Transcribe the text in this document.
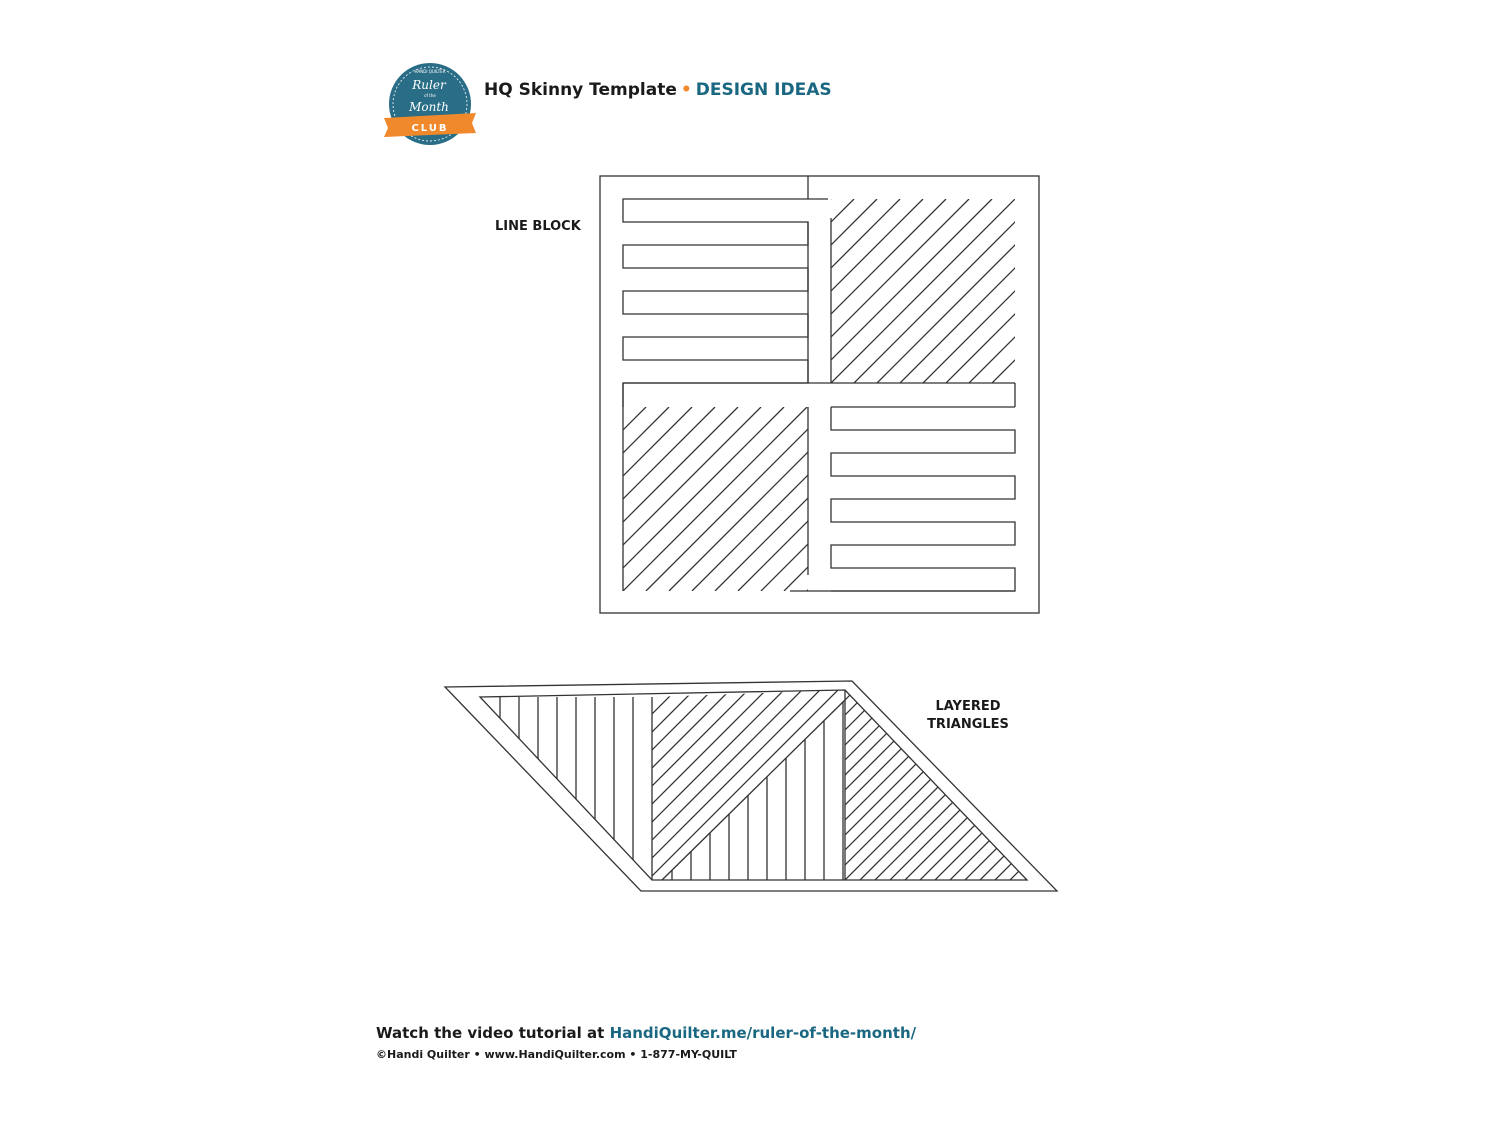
HANDI QUILTER
Ruler
of the
Month
CLUB
HQ Skinny Template • DESIGN IDEAS
LINE BLOCK
LAYERED
TRIANGLES
Watch the video tutorial at HandiQuilter.me/ruler-of-the-month/
©Handi Quilter • www.HandiQuilter.com • 1-877-MY-QUILT
